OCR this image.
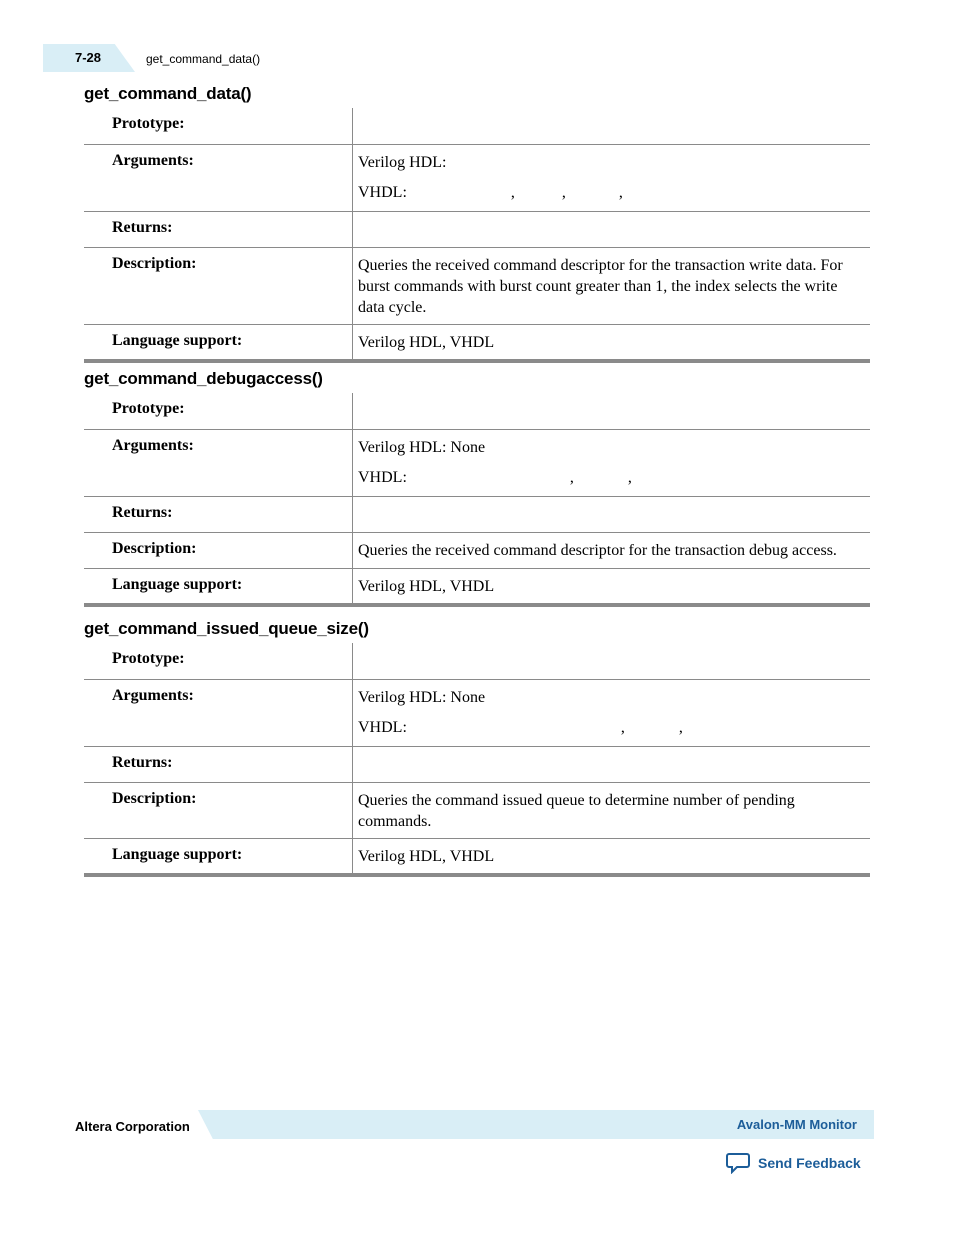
7-28	get_command_data()
get_command_data()
Prototype:	
Arguments:	Verilog HDL:

VHDL: , , ,

Returns:	
Description:	Queries the received command descriptor for the transaction write data. For burst commands with burst count greater than 1, the index selects the write data cycle.
Language support:	Verilog HDL, VHDL
get_command_debugaccess()
Prototype:	
Arguments:	Verilog HDL: None

VHDL: , ,

Returns:	
Description:	Queries the received command descriptor for the transaction debug access.
Language support:	Verilog HDL, VHDL
get_command_issued_queue_size()
Prototype:	
Arguments:	Verilog HDL: None

VHDL: , ,

Returns:	
Description:	Queries the command issued queue to determine number of pending commands.
Language support:	Verilog HDL, VHDL
Altera Corporation	Avalon-MM Monitor
Send Feedback
